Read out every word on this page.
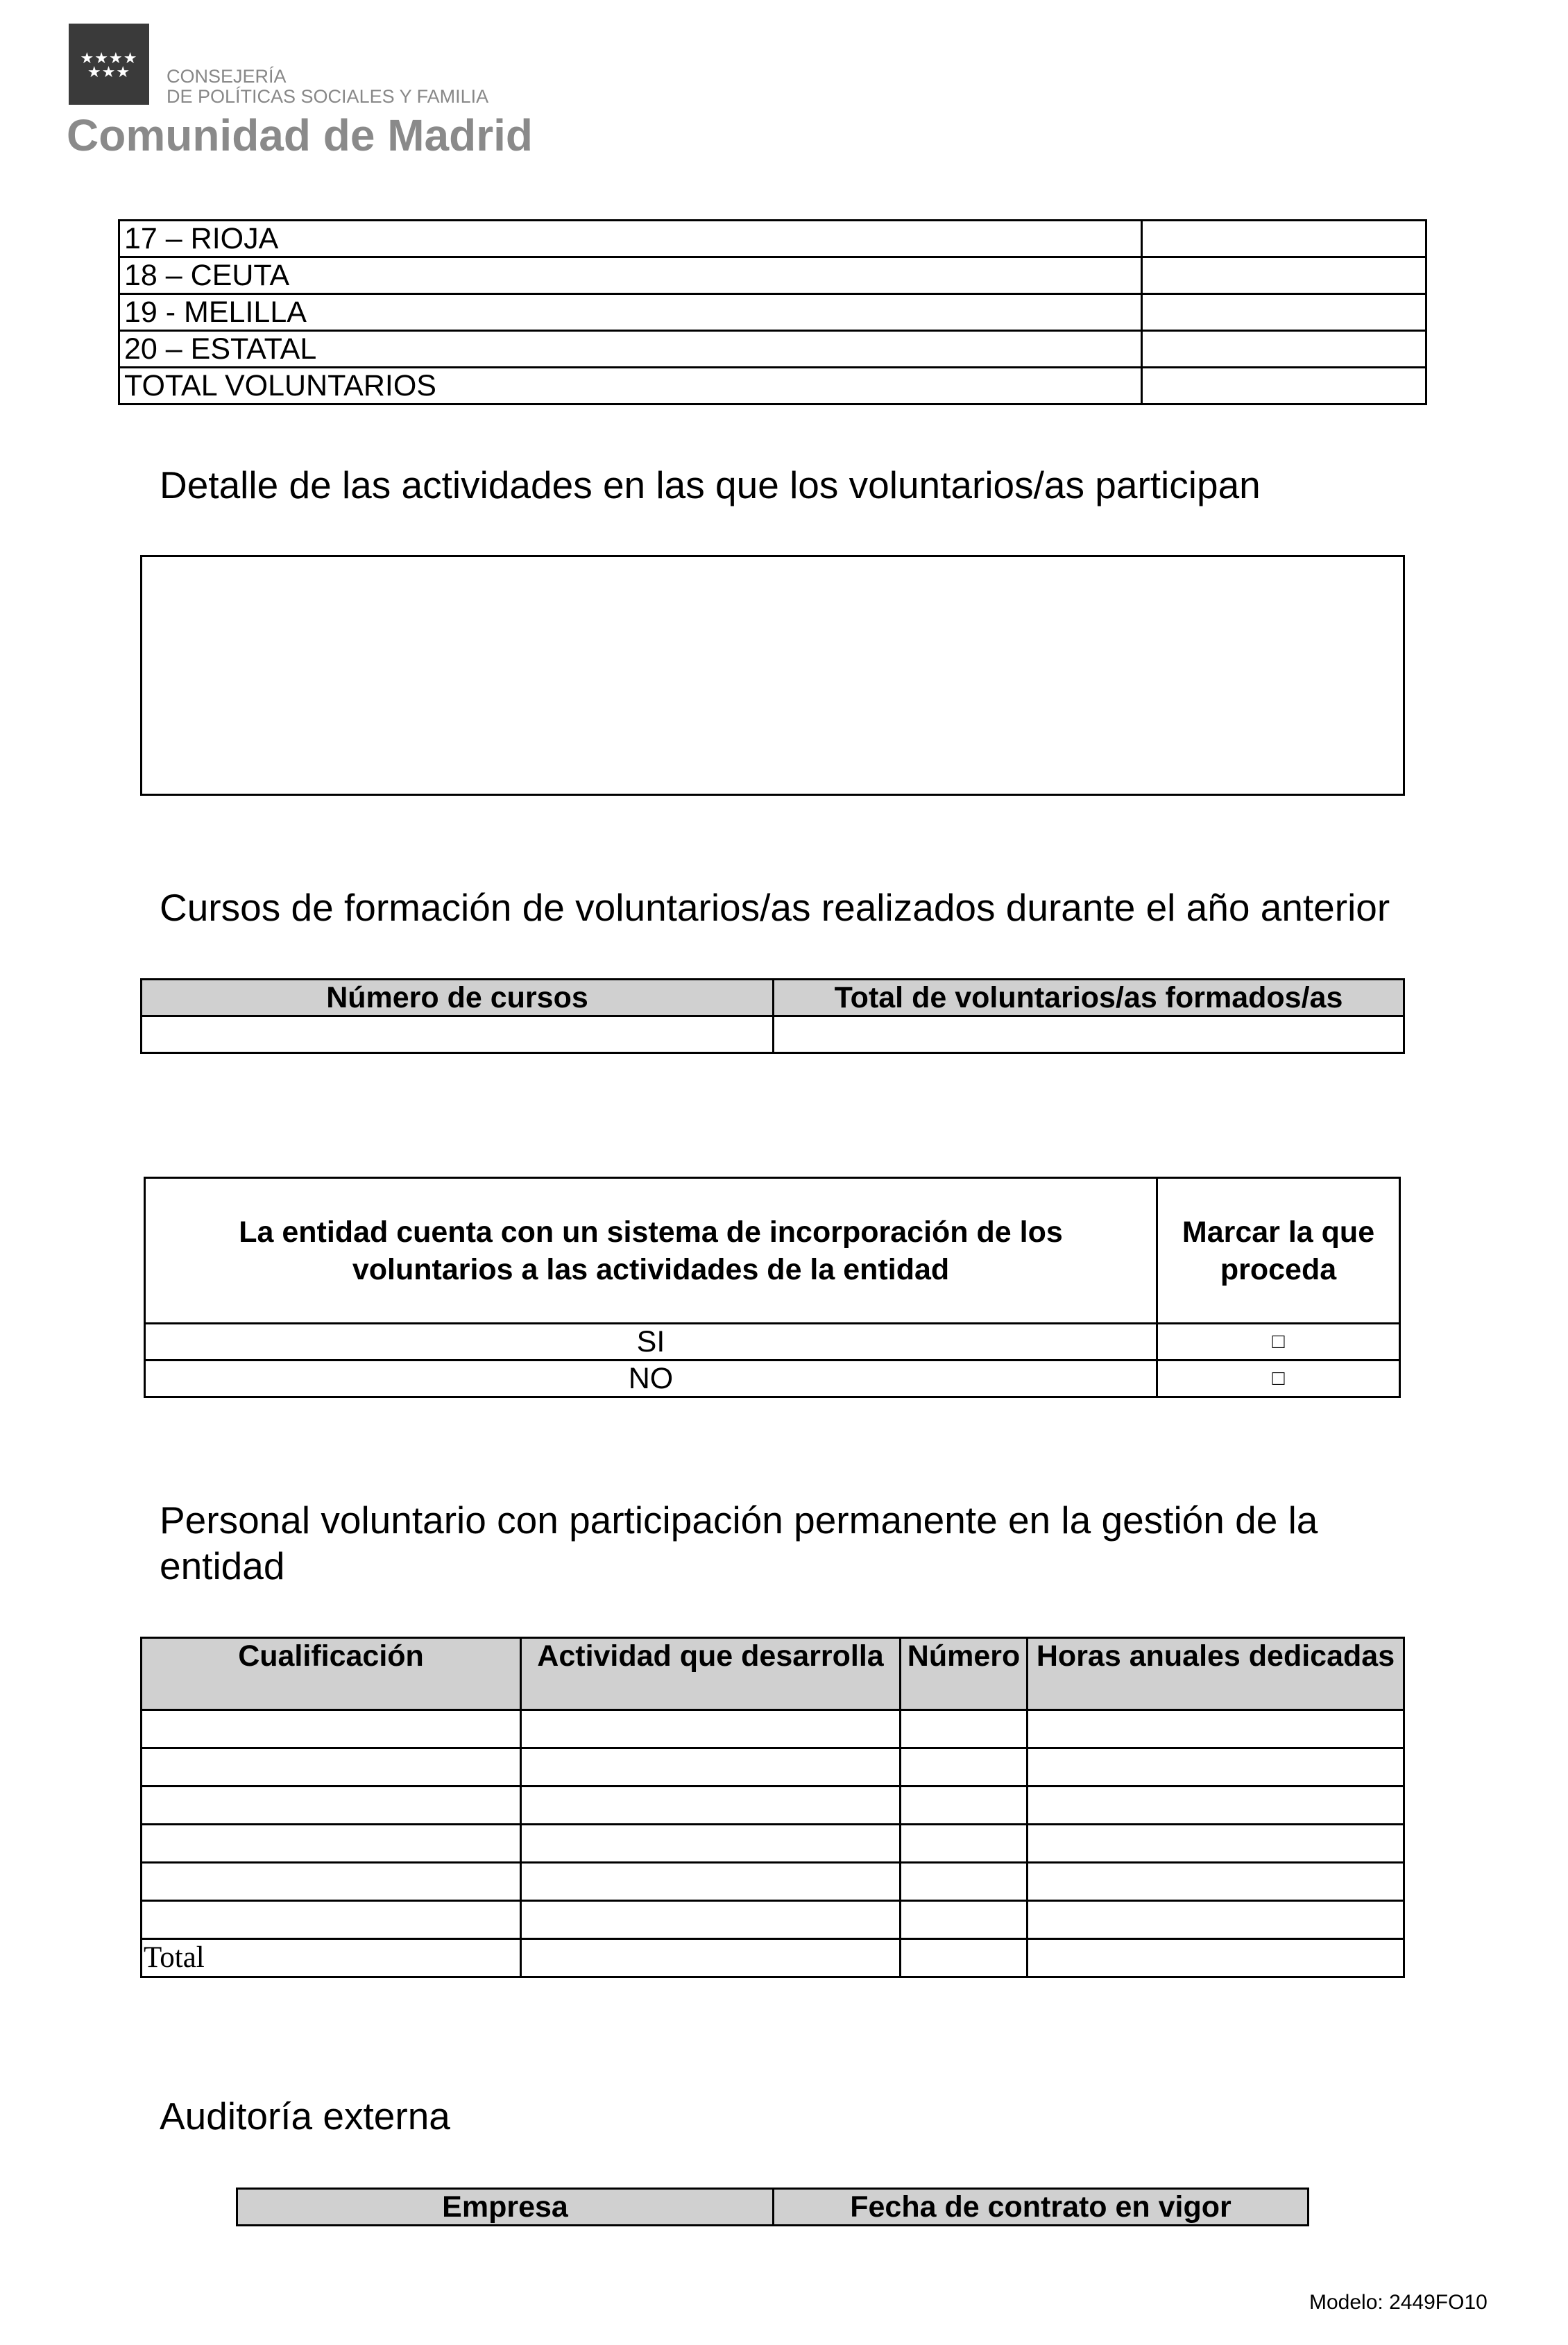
★★★★ ★★★	CONSEJERÍA
DE POLÍTICAS SOCIALES Y FAMILIA
Comunidad de Madrid
17 – RIOJA	
18 – CEUTA	
19 - MELILLA	
20 – ESTATAL	
TOTAL VOLUNTARIOS	
Detalle de las actividades en las que los voluntarios/as participan
Cursos de formación de voluntarios/as realizados durante el año anterior
Número de cursos	Total de voluntarios/as formados/as

La entidad cuenta con un sistema de incorporación de los voluntarios a las actividades de la entidad	Marcar la que proceda
SI	□
NO	□
Personal voluntario con participación permanente en la gestión de la entidad
Cualificación	Actividad que desarrolla	Número	Horas anuales dedicadas

Total			
Auditoría externa
Empresa	Fecha de contrato en vigor
Modelo: 2449FO10
